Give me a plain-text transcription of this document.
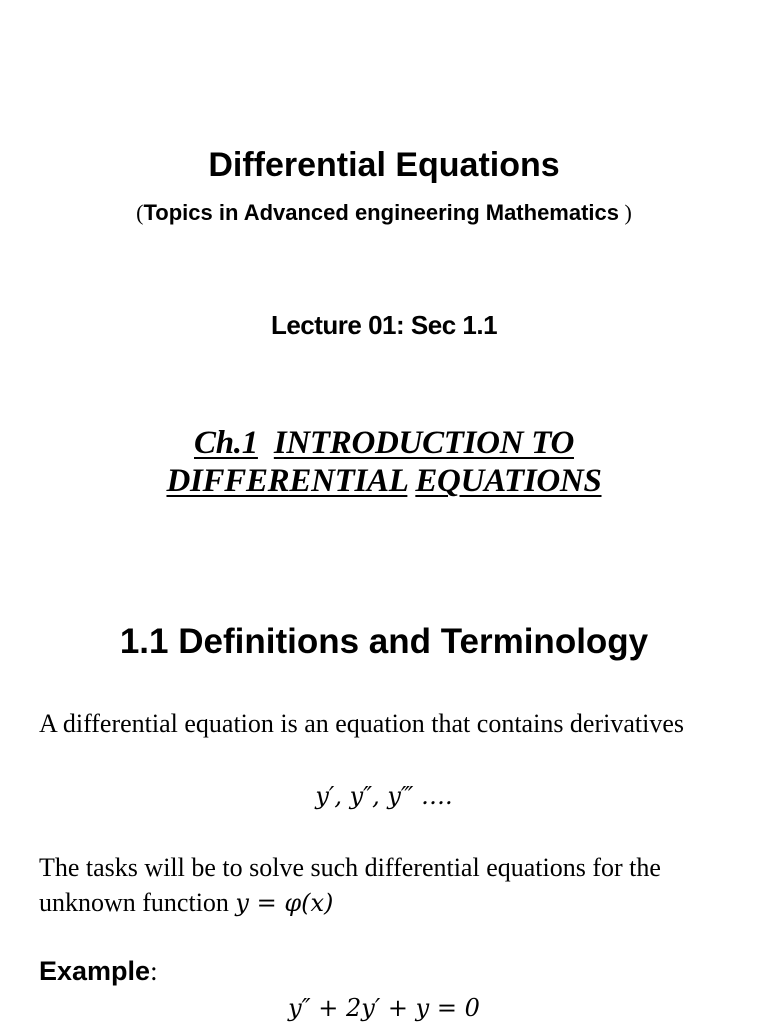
Differential Equations
(Topics in Advanced engineering Mathematics )
Lecture 01: Sec 1.1
Ch.1 INTRODUCTION TO
DIFFERENTIAL EQUATIONS
1.1 Definitions and Terminology
A differential equation is an equation that contains derivatives
y′, y″, y‴ ….
The tasks will be to solve such differential equations for the unknown function y = φ(x)
Example:
y″ + 2y′ + y = 0
